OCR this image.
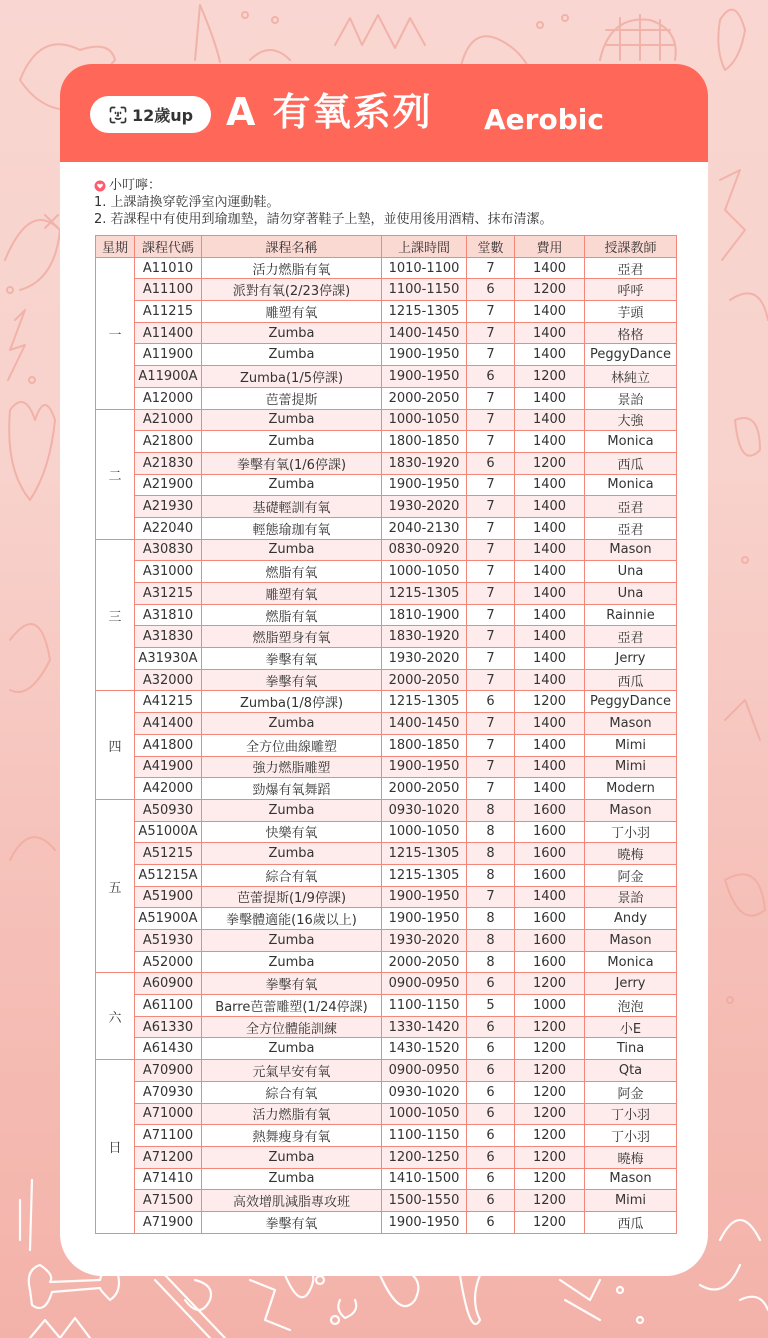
12歲up A 有氧系列 Aerobic
小叮嚀：
1. 上課請換穿乾淨室內運動鞋。
2. 若課程中有使用到瑜珈墊，請勿穿著鞋子上墊，並使用後用酒精、抹布清潔。
星期	課程代碼	課程名稱	上課時間	堂數	費用	授課教師
一	A11010	活力燃脂有氧	1010-1100	7	1400	亞君
	A11100	派對有氧(2/23停課)	1100-1150	6	1200	呼呼
	A11215	雕塑有氧	1215-1305	7	1400	芋頭
	A11400	Zumba	1400-1450	7	1400	格格
	A11900	Zumba	1900-1950	7	1400	PeggyDance
	A11900A	Zumba(1/5停課)	1900-1950	6	1200	林純立
	A12000	芭蕾提斯	2000-2050	7	1400	景詒
二	A21000	Zumba	1000-1050	7	1400	大強
	A21800	Zumba	1800-1850	7	1400	Monica
	A21830	拳擊有氧(1/6停課)	1830-1920	6	1200	西瓜
	A21900	Zumba	1900-1950	7	1400	Monica
	A21930	基礎輕訓有氧	1930-2020	7	1400	亞君
	A22040	輕態瑜珈有氧	2040-2130	7	1400	亞君
三	A30830	Zumba	0830-0920	7	1400	Mason
	A31000	燃脂有氧	1000-1050	7	1400	Una
	A31215	雕塑有氧	1215-1305	7	1400	Una
	A31810	燃脂有氧	1810-1900	7	1400	Rainnie
	A31830	燃脂塑身有氧	1830-1920	7	1400	亞君
	A31930A	拳擊有氧	1930-2020	7	1400	Jerry
	A32000	拳擊有氧	2000-2050	7	1400	西瓜
四	A41215	Zumba(1/8停課)	1215-1305	6	1200	PeggyDance
	A41400	Zumba	1400-1450	7	1400	Mason
	A41800	全方位曲線雕塑	1800-1850	7	1400	Mimi
	A41900	強力燃脂雕塑	1900-1950	7	1400	Mimi
	A42000	勁爆有氧舞蹈	2000-2050	7	1400	Modern
五	A50930	Zumba	0930-1020	8	1600	Mason
	A51000A	快樂有氧	1000-1050	8	1600	丁小羽
	A51215	Zumba	1215-1305	8	1600	曉梅
	A51215A	綜合有氧	1215-1305	8	1600	阿金
	A51900	芭蕾提斯(1/9停課)	1900-1950	7	1400	景詒
	A51900A	拳擊體適能(16歲以上)	1900-1950	8	1600	Andy
	A51930	Zumba	1930-2020	8	1600	Mason
	A52000	Zumba	2000-2050	8	1600	Monica
六	A60900	拳擊有氧	0900-0950	6	1200	Jerry
	A61100	Barre芭蕾雕塑(1/24停課)	1100-1150	5	1000	泡泡
	A61330	全方位體能訓練	1330-1420	6	1200	小E
	A61430	Zumba	1430-1520	6	1200	Tina
日	A70900	元氣早安有氧	0900-0950	6	1200	Qta
	A70930	綜合有氧	0930-1020	6	1200	阿金
	A71000	活力燃脂有氧	1000-1050	6	1200	丁小羽
	A71100	熱舞瘦身有氧	1100-1150	6	1200	丁小羽
	A71200	Zumba	1200-1250	6	1200	曉梅
	A71410	Zumba	1410-1500	6	1200	Mason
	A71500	高效增肌減脂專攻班	1500-1550	6	1200	Mimi
	A71900	拳擊有氧	1900-1950	6	1200	西瓜
